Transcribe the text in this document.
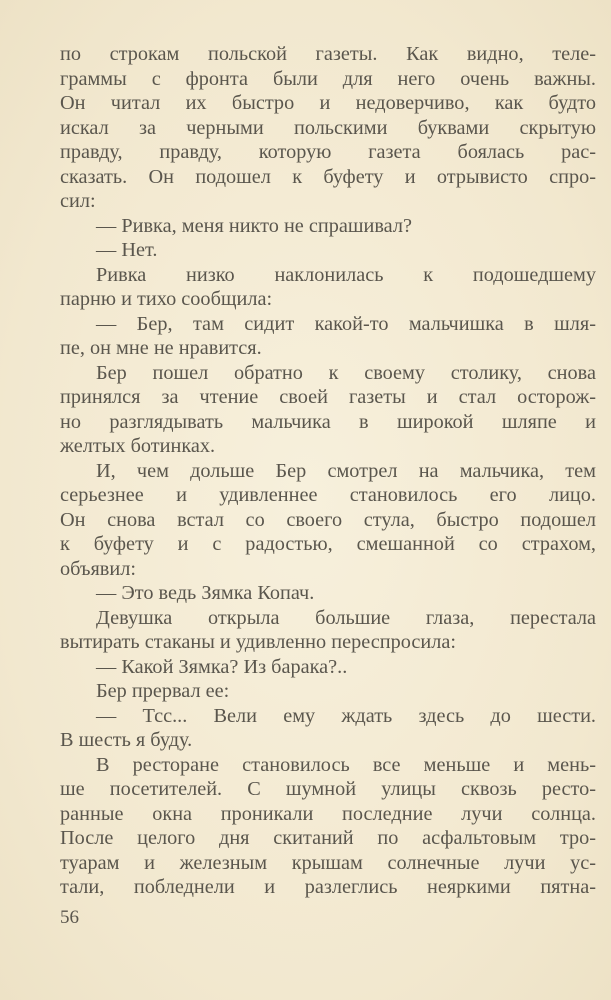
по строкам польской газеты. Как видно, теле-
граммы с фронта были для него очень важны.
Он читал их быстро и недоверчиво, как будто
искал за черными польскими буквами скрытую
правду, правду, которую газета боялась рас-
сказать. Он подошел к буфету и отрывисто спро-
сил:
— Ривка, меня никто не спрашивал?
— Нет.
Ривка низко наклонилась к подошедшему
парню и тихо сообщила:
— Бер, там сидит какой-то мальчишка в шля-
пе, он мне не нравится.
Бер пошел обратно к своему столику, снова
принялся за чтение своей газеты и стал осторож-
но разглядывать мальчика в широкой шляпе и
желтых ботинках.
И, чем дольше Бер смотрел на мальчика, тем
серьезнее и удивленнее становилось его лицо.
Он снова встал со своего стула, быстро подошел
к буфету и с радостью, смешанной со страхом,
объявил:
— Это ведь Зямка Копач.
Девушка открыла большие глаза, перестала
вытирать стаканы и удивленно переспросила:
— Какой Зямка? Из барака?..
Бер прервал ее:
— Тсс... Вели ему ждать здесь до шести.
В шесть я буду.
В ресторане становилось все меньше и мень-
ше посетителей. С шумной улицы сквозь ресто-
ранные окна проникали последние лучи солнца.
После целого дня скитаний по асфальтовым тро-
туарам и железным крышам солнечные лучи ус-
тали, побледнели и разлеглись неяркими пятна-
56
